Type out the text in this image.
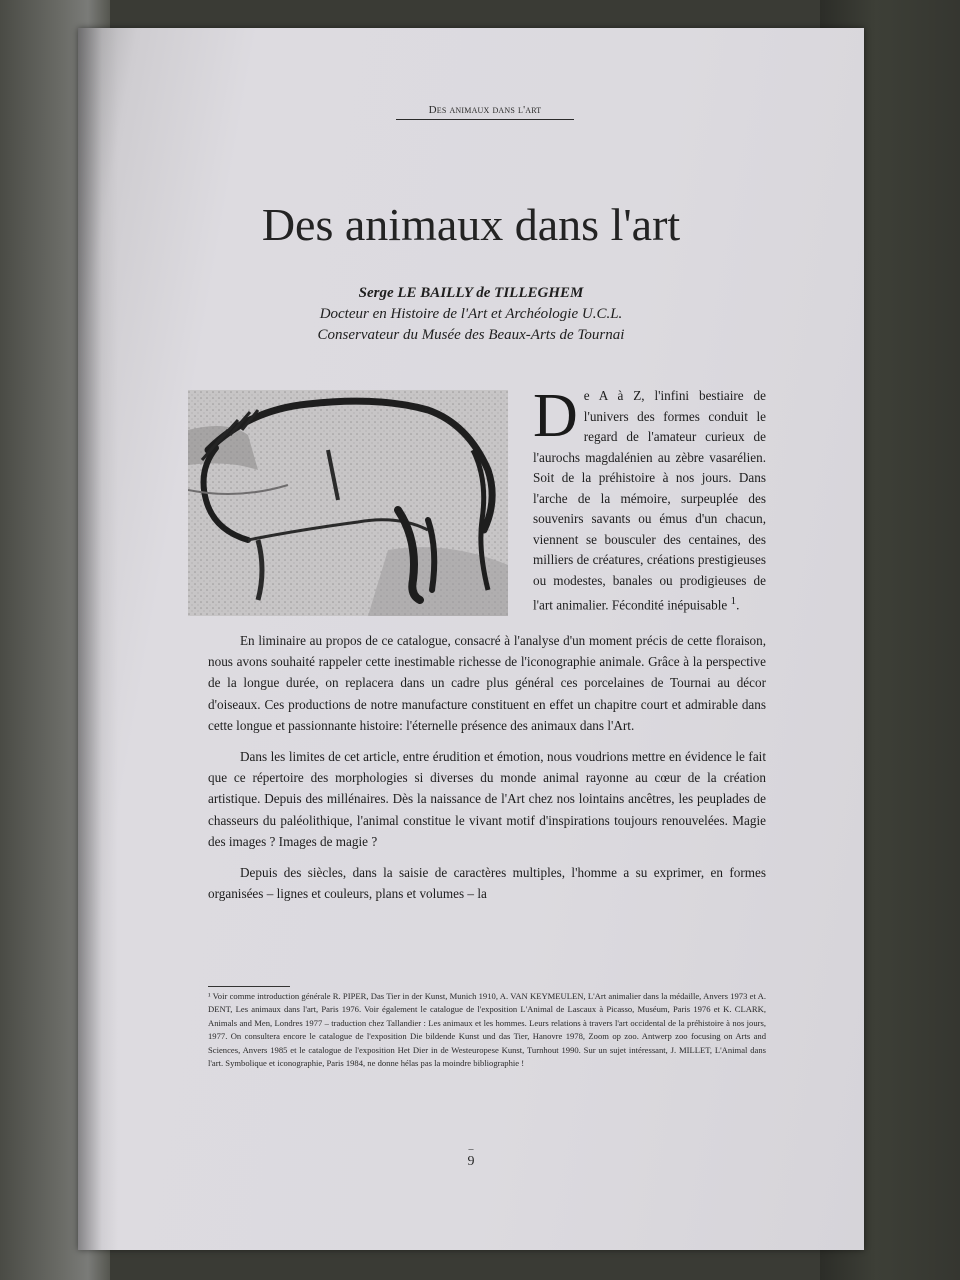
Des animaux dans l'art
Des animaux dans l'art
Serge LE BAILLY de TILLEGHEM
Docteur en Histoire de l'Art et Archéologie U.C.L.
Conservateur du Musée des Beaux-Arts de Tournai
De A à Z, l'infini bestiaire de l'univers des formes conduit le regard de l'amateur curieux de l'aurochs magdalénien au zèbre vasarélien. Soit de la préhistoire à nos jours. Dans l'arche de la mémoire, surpeuplée des souvenirs savants ou émus d'un chacun, viennent se bousculer des centaines, des milliers de créatures, créations prestigieuses ou modestes, banales ou prodigieuses de l'art animalier. Fécondité inépuisable $^1$.

En liminaire au propos de ce catalogue, consacré à l'analyse d'un moment précis de cette floraison, nous avons souhaité rappeler cette inestimable richesse de l'iconographie animale. Grâce à la perspective de la longue durée, on replacera dans un cadre plus général ces porcelaines de Tournai au décor d'oiseaux. Ces productions de notre manufacture constituent en effet un chapitre court et admirable dans cette longue et passionnante histoire: l'éternelle présence des animaux dans l'Art.

Dans les limites de cet article, entre érudition et émotion, nous voudrions mettre en évidence le fait que ce répertoire des morphologies si diverses du monde animal rayonne au cœur de la création artistique. Depuis des millénaires. Dès la naissance de l'Art chez nos lointains ancêtres, les peuplades de chasseurs du paléolithique, l'animal constitue le vivant motif d'inspirations toujours renouvelées. Magie des images ? Images de magie ?

Depuis des siècles, dans la saisie de caractères multiples, l'homme a su exprimer, en formes organisées – lignes et couleurs, plans et volumes – la

¹ Voir comme introduction générale R. PIPER, Das Tier in der Kunst, Munich 1910, A. VAN KEYMEULEN, L'Art animalier dans la médaille, Anvers 1973 et A. DENT, Les animaux dans l'art, Paris 1976. Voir également le catalogue de l'exposition L'Animal de Lascaux à Picasso, Muséum, Paris 1976 et K. CLARK, Animals and Men, Londres 1977 – traduction chez Tallandier : Les animaux et les hommes. Leurs relations à travers l'art occidental de la préhistoire à nos jours, 1977. On consultera encore le catalogue de l'exposition Die bildende Kunst und das Tier, Hanovre 1978, Zoom op zoo. Antwerp zoo focusing on Arts and Sciences, Anvers 1985 et le catalogue de l'exposition Het Dier in de Westeuropese Kunst, Turnhout 1990. Sur un sujet intéressant, J. MILLET, L'Animal dans l'art. Symbolique et iconographie, Paris 1984, ne donne hélas pas la moindre bibliographie !
–
9
